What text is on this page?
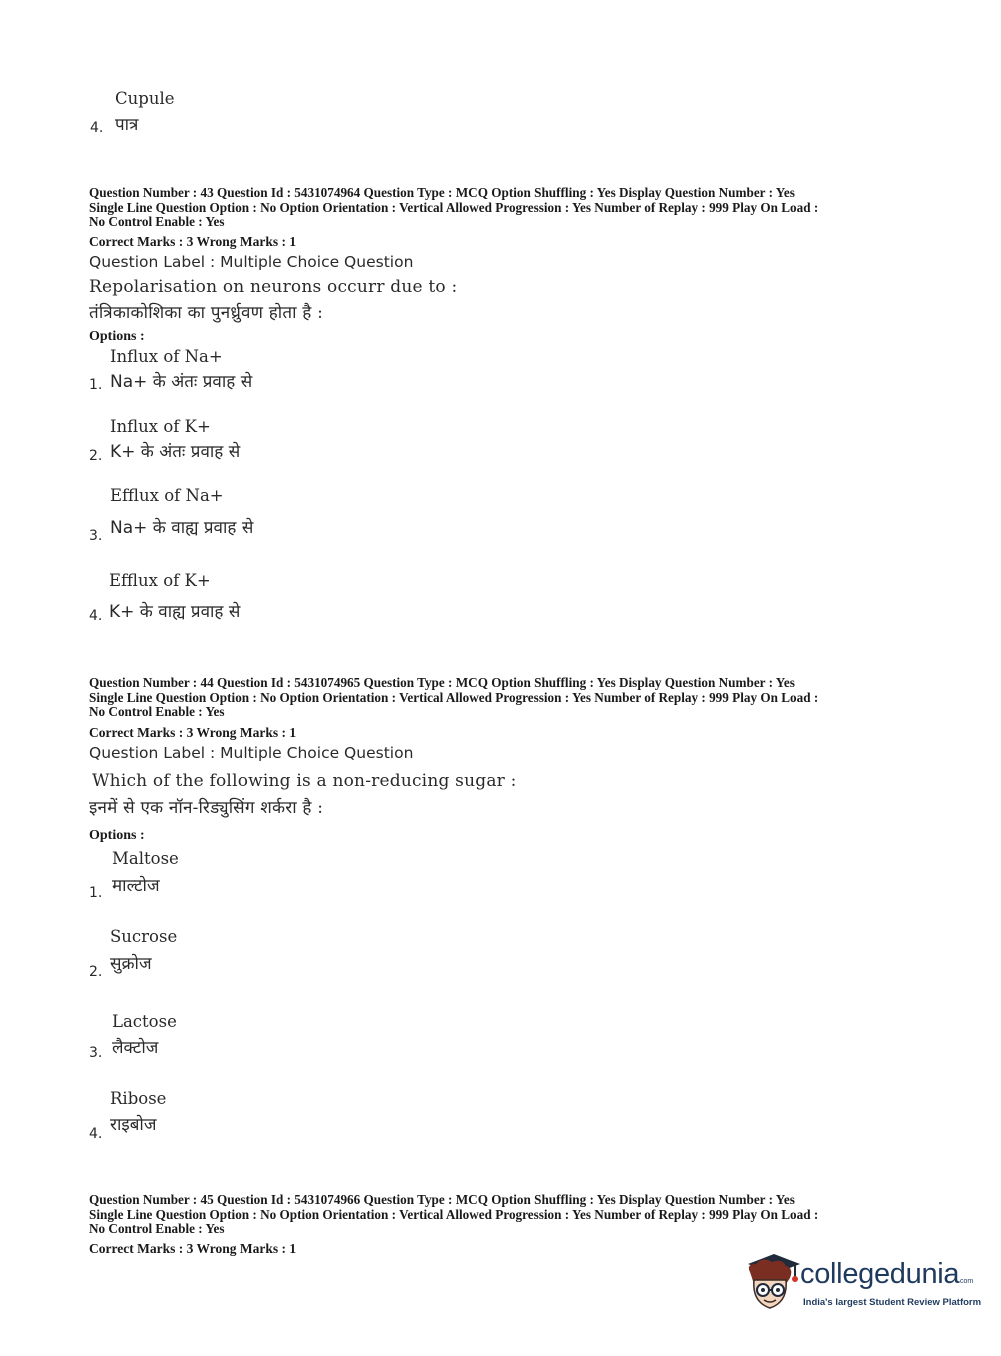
Cupule
4. पात्र
Question Number : 43 Question Id : 5431074964 Question Type : MCQ Option Shuffling : Yes Display Question Number : Yes
Single Line Question Option : No Option Orientation : Vertical Allowed Progression : Yes Number of Replay : 999 Play On Load :
No Control Enable : Yes
Correct Marks : 3 Wrong Marks : 1
Question Label : Multiple Choice Question
Repolarisation on neurons occurr due to :
तंत्रिकाकोशिका का पुनर्ध्रुवण होता है :
Options :
Influx of Na+
1. Na+ के अंतः प्रवाह से
Influx of K+
2. K+ के अंतः प्रवाह से
Efflux of Na+
3. Na+ के वाह्य प्रवाह से
Efflux of K+
4. K+ के वाह्य प्रवाह से
Question Number : 44 Question Id : 5431074965 Question Type : MCQ Option Shuffling : Yes Display Question Number : Yes
Single Line Question Option : No Option Orientation : Vertical Allowed Progression : Yes Number of Replay : 999 Play On Load :
No Control Enable : Yes
Correct Marks : 3 Wrong Marks : 1
Question Label : Multiple Choice Question
Which of the following is a non-reducing sugar :
इनमें से एक नॉन-रिड्युसिंग शर्करा है :
Options :
Maltose
1. माल्टोज
Sucrose
2. सुक्रोज
Lactose
3. लैक्टोज
Ribose
4. राइबोज
Question Number : 45 Question Id : 5431074966 Question Type : MCQ Option Shuffling : Yes Display Question Number : Yes
Single Line Question Option : No Option Orientation : Vertical Allowed Progression : Yes Number of Replay : 999 Play On Load :
No Control Enable : Yes
Correct Marks : 3 Wrong Marks : 1
collegedunia
.com
India's largest Student Review Platform
